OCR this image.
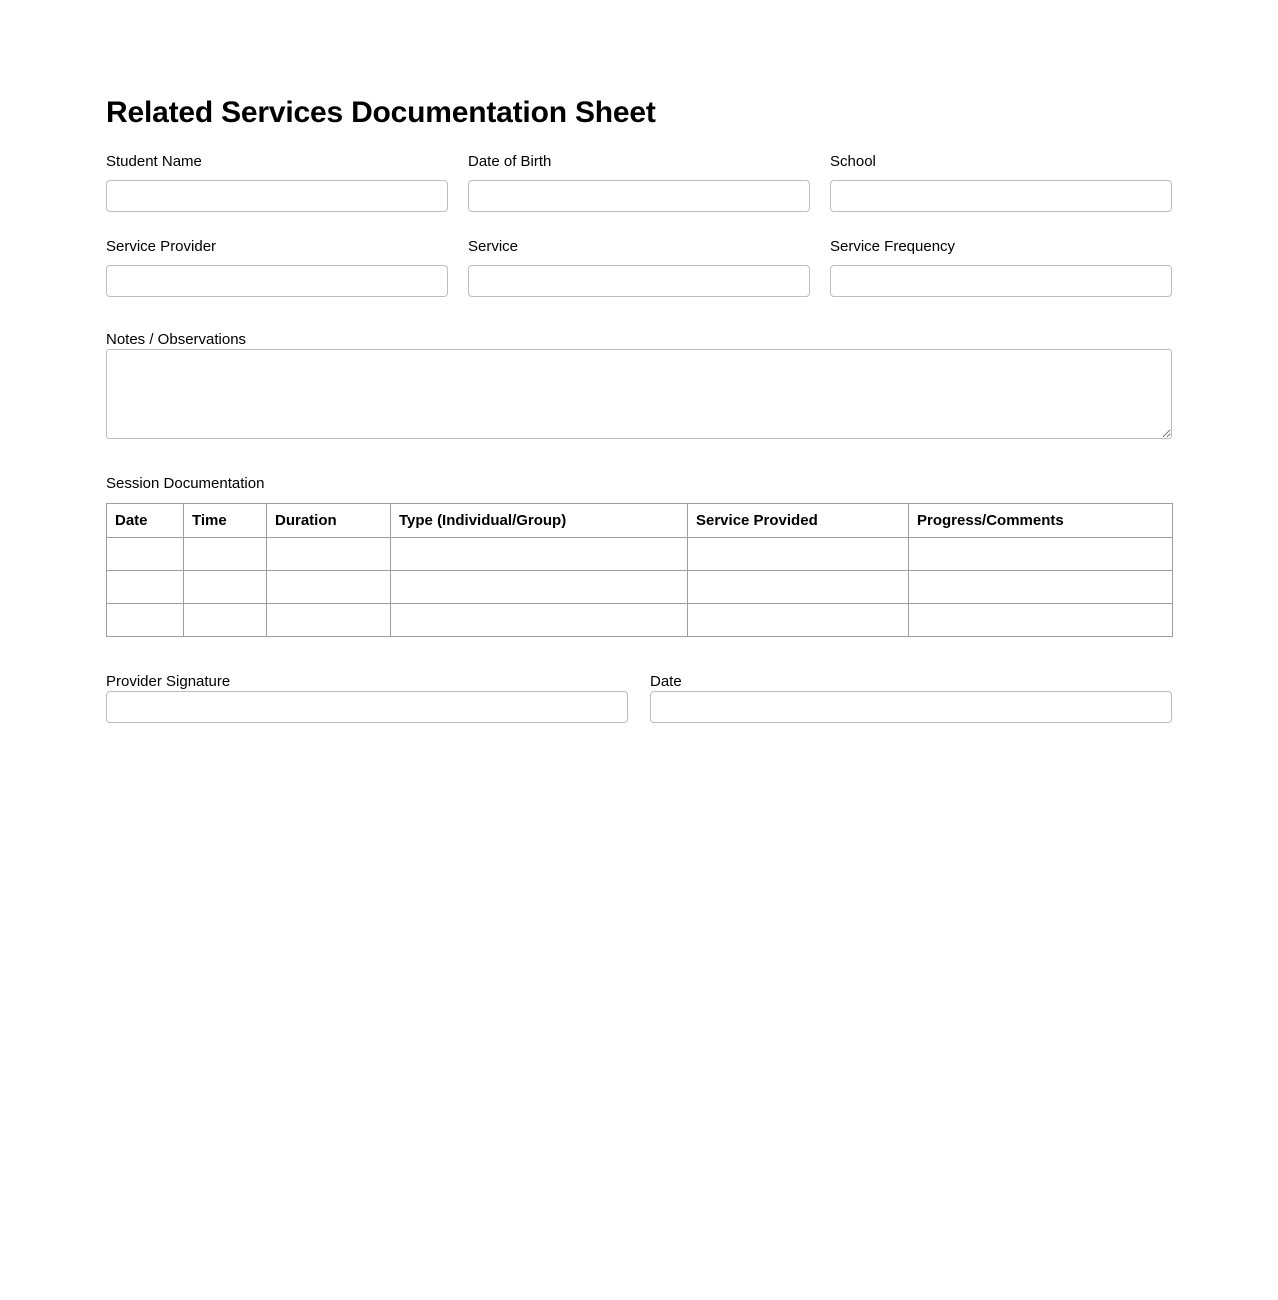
Related Services Documentation Sheet
Student Name	Date of Birth	School
Service Provider	Service	Service Frequency
Notes / Observations
Session Documentation
Date	Time	Duration	Type (Individual/Group)	Service Provided	Progress/Comments

Provider Signature	Date
